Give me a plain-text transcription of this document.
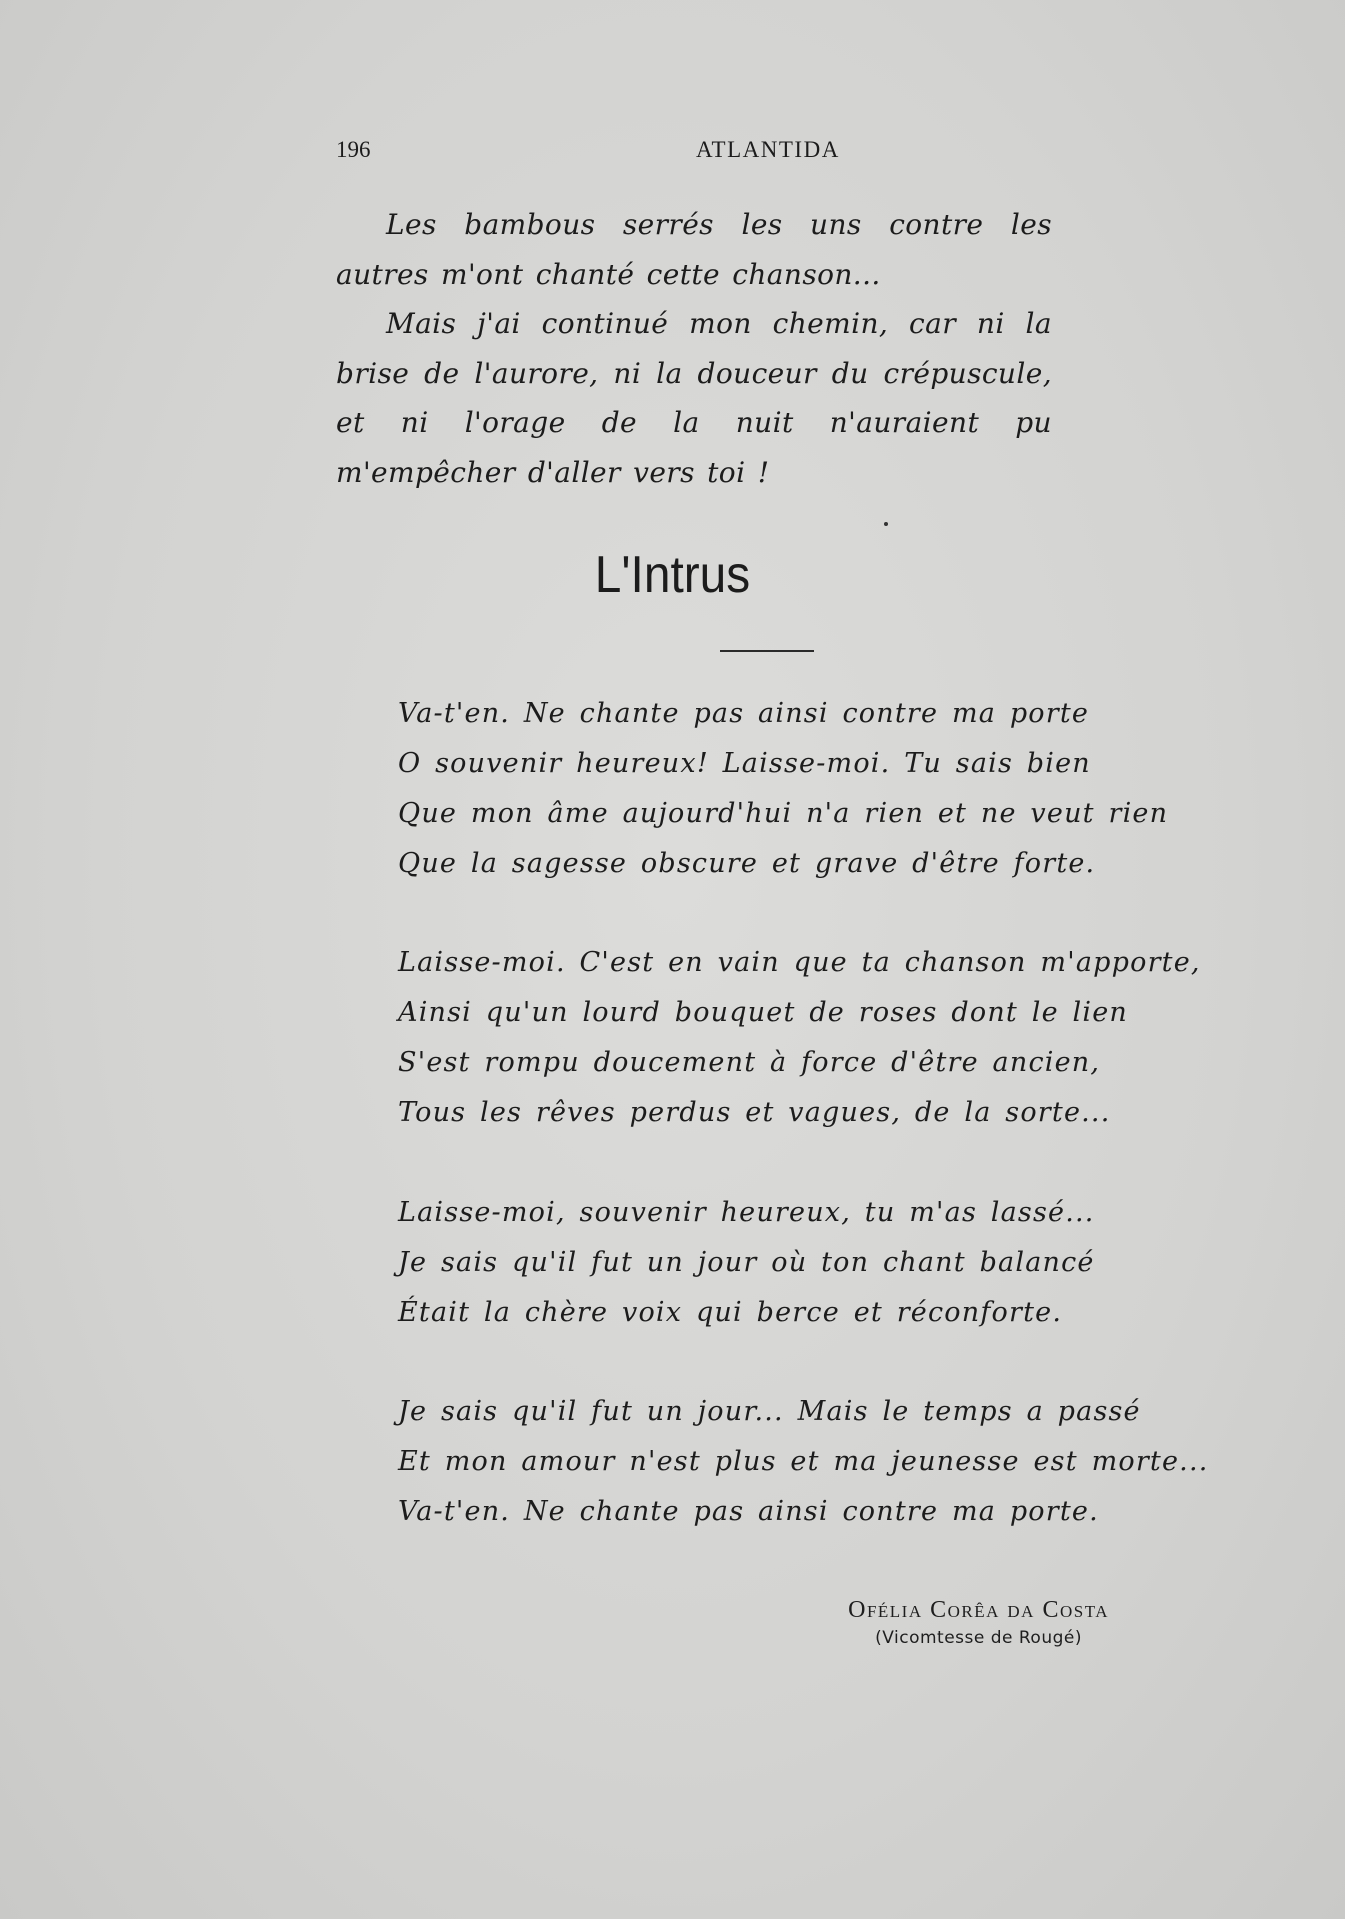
196	ATLANTIDA

Les bambous serrés les uns contre les autres m'ont chanté cette chanson...

Mais j'ai continué mon chemin, car ni la brise de l'aurore, ni la douceur du crépuscule, et ni l'orage de la nuit n'auraient pu m'empêcher d'aller vers toi !

L'Intrus
Va-t'en. Ne chante pas ainsi contre ma porte
O souvenir heureux! Laisse-moi. Tu sais bien
Que mon âme aujourd'hui n'a rien et ne veut rien
Que la sagesse obscure et grave d'être forte.
Laisse-moi. C'est en vain que ta chanson m'apporte,
Ainsi qu'un lourd bouquet de roses dont le lien
S'est rompu doucement à force d'être ancien,
Tous les rêves perdus et vagues, de la sorte...
Laisse-moi, souvenir heureux, tu m'as lassé...
Je sais qu'il fut un jour où ton chant balancé
Était la chère voix qui berce et réconforte.
Je sais qu'il fut un jour... Mais le temps a passé
Et mon amour n'est plus et ma jeunesse est morte...
Va-t'en. Ne chante pas ainsi contre ma porte.
Ofélia Corêa da Costa
(Vicomtesse de Rougé)
